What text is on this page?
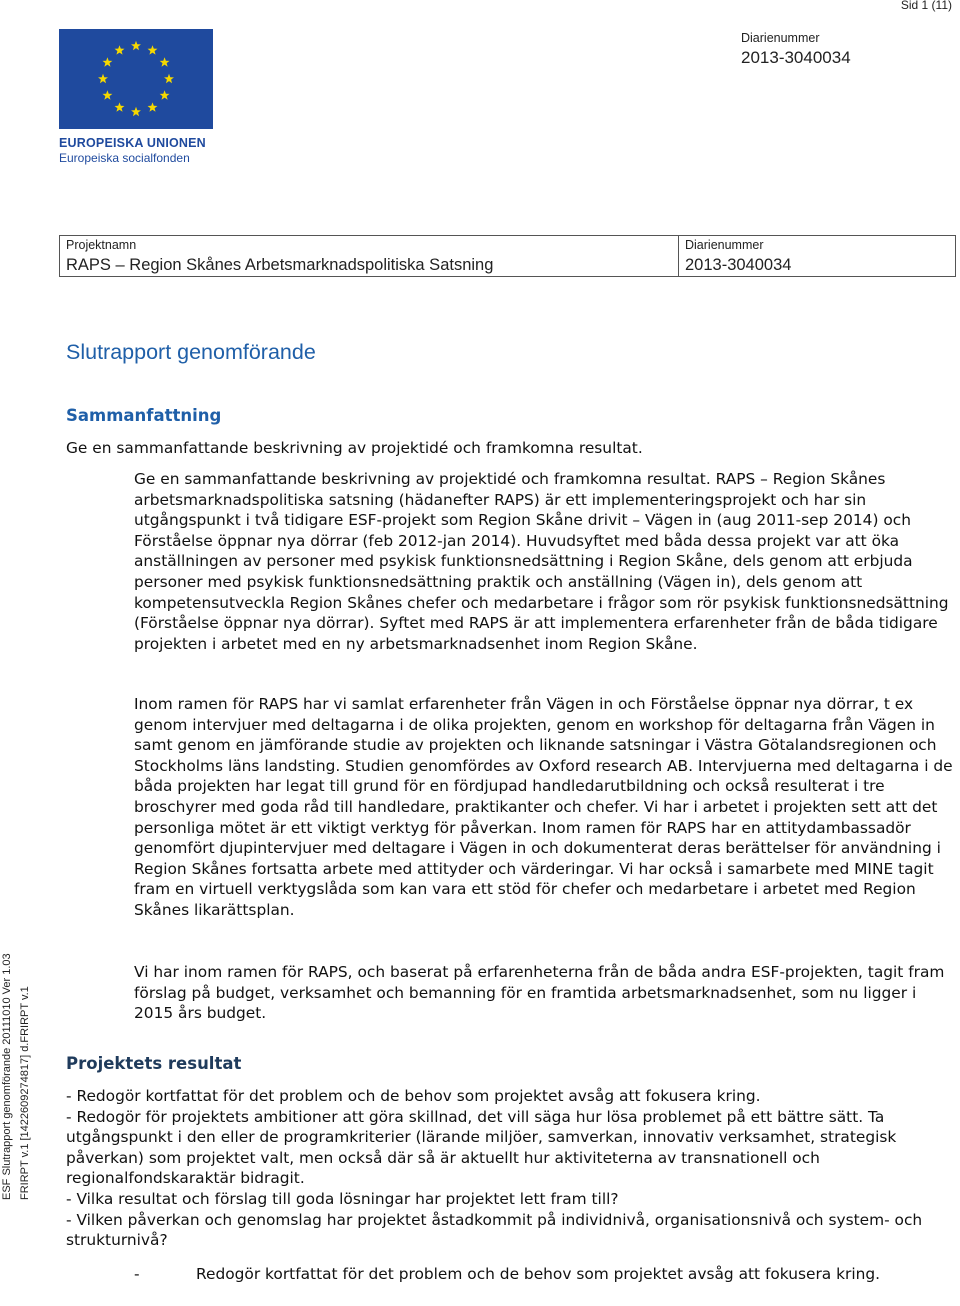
Sid 1 (11)
EUROPEISKA UNIONEN
Europeiska socialfonden
Diarienummer
2013-3040034
Projektnamn
RAPS – Region Skånes Arbetsmarknadspolitiska Satsning
Diarienummer
2013-3040034
Slutrapport genomförande
Sammanfattning
Ge en sammanfattande beskrivning av projektidé och framkomna resultat.

Ge en sammanfattande beskrivning av projektidé och framkomna resultat. RAPS – Region Skånes arbetsmarknadspolitiska satsning (hädanefter RAPS) är ett implementeringsprojekt och har sin utgångspunkt i två tidigare ESF-projekt som Region Skåne drivit – Vägen in (aug 2011-sep 2014) och Förståelse öppnar nya dörrar (feb 2012-jan 2014). Huvudsyftet med båda dessa projekt var att öka anställningen av personer med psykisk funktionsnedsättning i Region Skåne, dels genom att erbjuda personer med psykisk funktionsnedsättning praktik och anställning (Vägen in), dels genom att kompetensutveckla Region Skånes chefer och medarbetare i frågor som rör psykisk funktionsnedsättning (Förståelse öppnar nya dörrar). Syftet med RAPS är att implementera erfarenheter från de båda tidigare projekten i arbetet med en ny arbetsmarknadsenhet inom Region Skåne.

Inom ramen för RAPS har vi samlat erfarenheter från Vägen in och Förståelse öppnar nya dörrar, t ex genom intervjuer med deltagarna i de olika projekten, genom en workshop för deltagarna från Vägen in samt genom en jämförande studie av projekten och liknande satsningar i Västra Götalandsregionen och Stockholms läns landsting. Studien genomfördes av Oxford research AB. Intervjuerna med deltagarna i de båda projekten har legat till grund för en fördjupad handledarutbildning och också resulterat i tre broschyrer med goda råd till handledare, praktikanter och chefer. Vi har i arbetet i projekten sett att det personliga mötet är ett viktigt verktyg för påverkan. Inom ramen för RAPS har en attitydambassadör genomfört djupintervjuer med deltagare i Vägen in och dokumenterat deras berättelser för användning i Region Skånes fortsatta arbete med attityder och värderingar. Vi har också i samarbete med MINE tagit fram en virtuell verktygslåda som kan vara ett stöd för chefer och medarbetare i arbetet med Region Skånes likarättsplan.

Vi har inom ramen för RAPS, och baserat på erfarenheterna från de båda andra ESF-projekten, tagit fram förslag på budget, verksamhet och bemanning för en framtida arbetsmarknadsenhet, som nu ligger i 2015 års budget.

Projektets resultat

- Redogör kortfattat för det problem och de behov som projektet avsåg att fokusera kring.

- Redogör för projektets ambitioner att göra skillnad, det vill säga hur lösa problemet på ett bättre sätt. Ta utgångspunkt i den eller de programkriterier (lärande miljöer, samverkan, innovativ verksamhet, strategisk påverkan) som projektet valt, men också där så är aktuellt hur aktiviteterna av transnationell och regionalfondskaraktär bidragit.

- Vilka resultat och förslag till goda lösningar har projektet lett fram till?

- Vilken påverkan och genomslag har projektet åstadkommit på individnivå, organisationsnivå och system- och strukturnivå?

-	Redogör kortfattat för det problem och de behov som projektet avsåg att fokusera kring.

ESF Slutrapport genomförande 20111010 Ver 1.03 FRIRPT v.1 [1422609274817] d.FRIRPT v.1
